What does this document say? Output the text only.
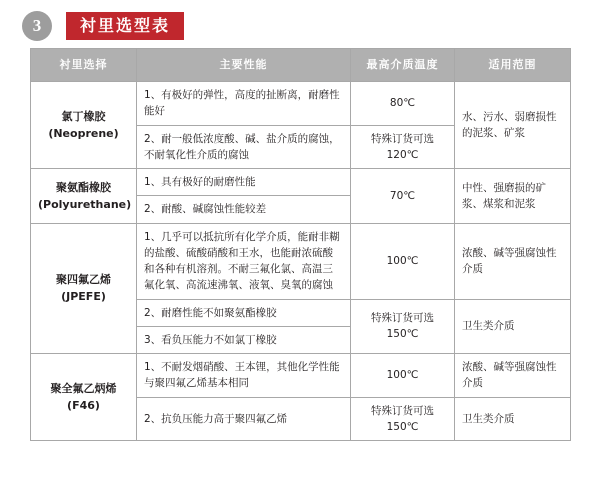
3	衬里选型表
衬里选择	主要性能	最高介质温度	适用范围
氯丁橡胶
(Neoprene)	1、有极好的弹性，高度的扯断离，耐磨性能好	80℃	水、污水、弱磨损性的泥浆、矿浆
	2、耐一般低浓度酸、碱、盐介质的腐蚀，不耐氧化性介质的腐蚀	特殊订货可选120℃	
聚氨酯橡胶
(Polyurethane)	1、具有极好的耐磨性能	70℃	中性、强磨损的矿浆、煤浆和泥浆
	2、耐酸、碱腐蚀性能较差		
聚四氟乙烯
(JPEFE)	1、几乎可以抵抗所有化学介质，能耐非糊的盐酸、硫酸硝酸和王水，也能耐浓硫酸和各种有机溶剂。不耐三氟化氯、高温三氟化氧、高流速沸氧、液氧、臭氧的腐蚀	100℃	浓酸、碱等强腐蚀性介质
	2、耐磨性能不如聚氨酯橡胶	特殊订货可选150℃	卫生类介质
	3、看负压能力不如氯丁橡胶		
聚全氟乙炳烯
(F46)	1、不耐发烟硝酸、王本锂，其他化学性能与聚四氟乙烯基本相同	100℃	浓酸、碱等强腐蚀性介质
	2、抗负压能力高于聚四氟乙烯	特殊订货可选150℃	卫生类介质
